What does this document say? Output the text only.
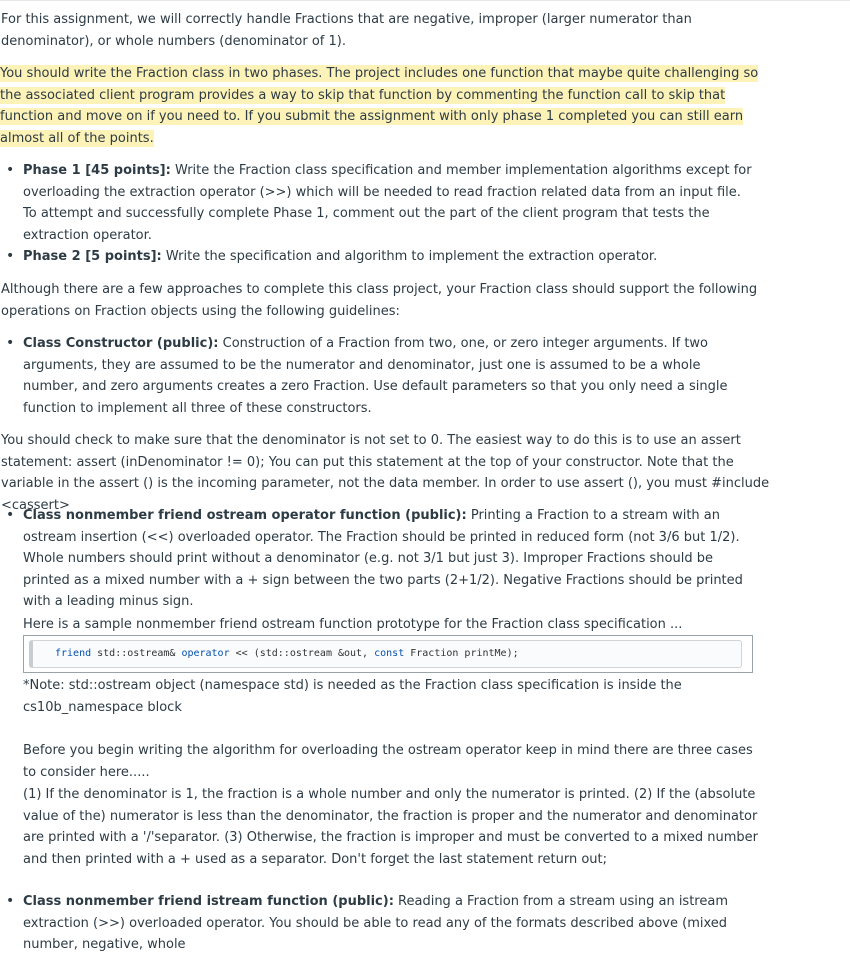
For this assignment, we will correctly handle Fractions that are negative, improper (larger numerator than denominator), or whole numbers (denominator of 1).

You should write the Fraction class in two phases. The project includes one function that maybe quite challenging so the associated client program provides a way to skip that function by commenting the function call to skip that function and move on if you need to. If you submit the assignment with only phase 1 completed you can still earn almost all of the points.

• Phase 1 [45 points]: Write the Fraction class specification and member implementation algorithms except for overloading the extraction operator (>>) which will be needed to read fraction related data from an input file. To attempt and successfully complete Phase 1, comment out the part of the client program that tests the extraction operator.
• Phase 2 [5 points]: Write the specification and algorithm to implement the extraction operator.

Although there are a few approaches to complete this class project, your Fraction class should support the following operations on Fraction objects using the following guidelines:

• Class Constructor (public): Construction of a Fraction from two, one, or zero integer arguments. If two arguments, they are assumed to be the numerator and denominator, just one is assumed to be a whole number, and zero arguments creates a zero Fraction. Use default parameters so that you only need a single function to implement all three of these constructors.

You should check to make sure that the denominator is not set to 0. The easiest way to do this is to use an assert statement: assert (inDenominator != 0); You can put this statement at the top of your constructor. Note that the variable in the assert () is the incoming parameter, not the data member. In order to use assert (), you must #include <cassert>

• Class nonmember friend ostream operator function (public): Printing a Fraction to a stream with an ostream insertion (<<) overloaded operator. The Fraction should be printed in reduced form (not 3/6 but 1/2). Whole numbers should print without a denominator (e.g. not 3/1 but just 3). Improper Fractions should be printed as a mixed number with a + sign between the two parts (2+1/2). Negative Fractions should be printed with a leading minus sign.

Here is a sample nonmember friend ostream function prototype for the Fraction class specification ...

friend std::ostream& operator << (std::ostream &out, const Fraction printMe);

*Note: std::ostream object (namespace std) is needed as the Fraction class specification is inside the cs10b_namespace block

Before you begin writing the algorithm for overloading the ostream operator keep in mind there are three cases to consider here.....

(1) If the denominator is 1, the fraction is a whole number and only the numerator is printed. (2) If the (absolute value of the) numerator is less than the denominator, the fraction is proper and the numerator and denominator are printed with a '/'separator. (3) Otherwise, the fraction is improper and must be converted to a mixed number and then printed with a + used as a separator. Don't forget the last statement return out;

• Class nonmember friend istream function (public): Reading a Fraction from a stream using an istream extraction (>>) overloaded operator. You should be able to read any of the formats described above (mixed number, negative, whole
